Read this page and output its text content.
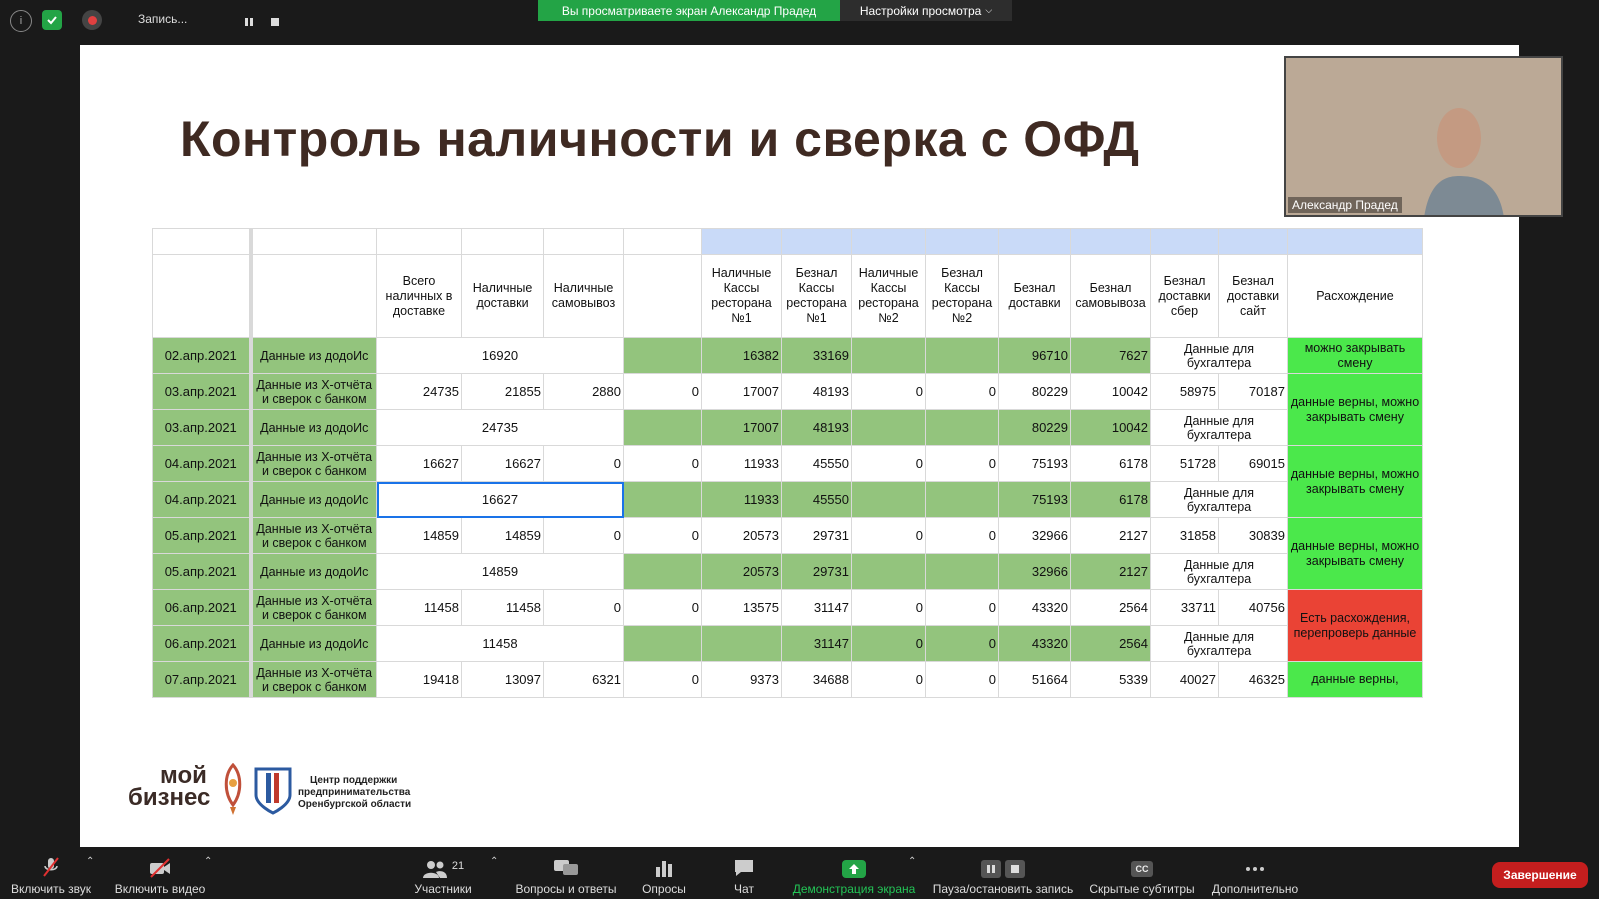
i	Запись...
Вы просматриваете экран Александр Прадед	Настройки просмотра ⌵
Контроль наличности и сверка с ОФД

		Всего наличных в доставке	Наличные доставки	Наличные самовывоз		Наличные Кассы ресторана №1	Безнал Кассы ресторана №1	Наличные Кассы ресторана №2	Безнал Кассы ресторана №2	Безнал доставки	Безнал самовывоза	Безнал доставки сбер	Безнал доставки сайт	Расхождение
02.апр.2021	Данные из додоИс	16920				16382	33169			96710	7627	Данные для бухгалтера		можно закрывать смену
03.апр.2021	Данные из Х-отчёта и сверок с банком	24735	21855	2880	0	17007	48193	0	0	80229	10042	58975	70187	данные верны, можно закрывать смену
03.апр.2021	Данные из додоИс	24735				17007	48193			80229	10042	Данные для бухгалтера		
04.апр.2021	Данные из Х-отчёта и сверок с банком	16627	16627	0	0	11933	45550	0	0	75193	6178	51728	69015	данные верны, можно закрывать смену
04.апр.2021	Данные из додоИс	16627				11933	45550			75193	6178	Данные для бухгалтера		
05.апр.2021	Данные из Х-отчёта и сверок с банком	14859	14859	0	0	20573	29731	0	0	32966	2127	31858	30839	данные верны, можно закрывать смену
05.апр.2021	Данные из додоИс	14859				20573	29731			32966	2127	Данные для бухгалтера		
06.апр.2021	Данные из Х-отчёта и сверок с банком	11458	11458	0	0	13575	31147	0	0	43320	2564	33711	40756	Есть расхождения, перепроверь данные
06.апр.2021	Данные из додоИс	11458					31147	0	0	43320	2564	Данные для бухгалтера		
07.апр.2021	Данные из Х-отчёта и сверок с банком	19418	13097	6321	0	9373	34688	0	0	51664	5339	40027	46325	данные верны,
мой
бизнес
Центр поддержки
предпринимательства
Оренбургской области
Александр Прадед
Включить звук
⌃
Включить видео
⌃	21
Участники
⌃
Вопросы и ответы Опросы	Чат	Демонстрация экрана
⌃
Пауза/остановить запись
CC
Скрытые субтитры Дополнительно
Завершение
